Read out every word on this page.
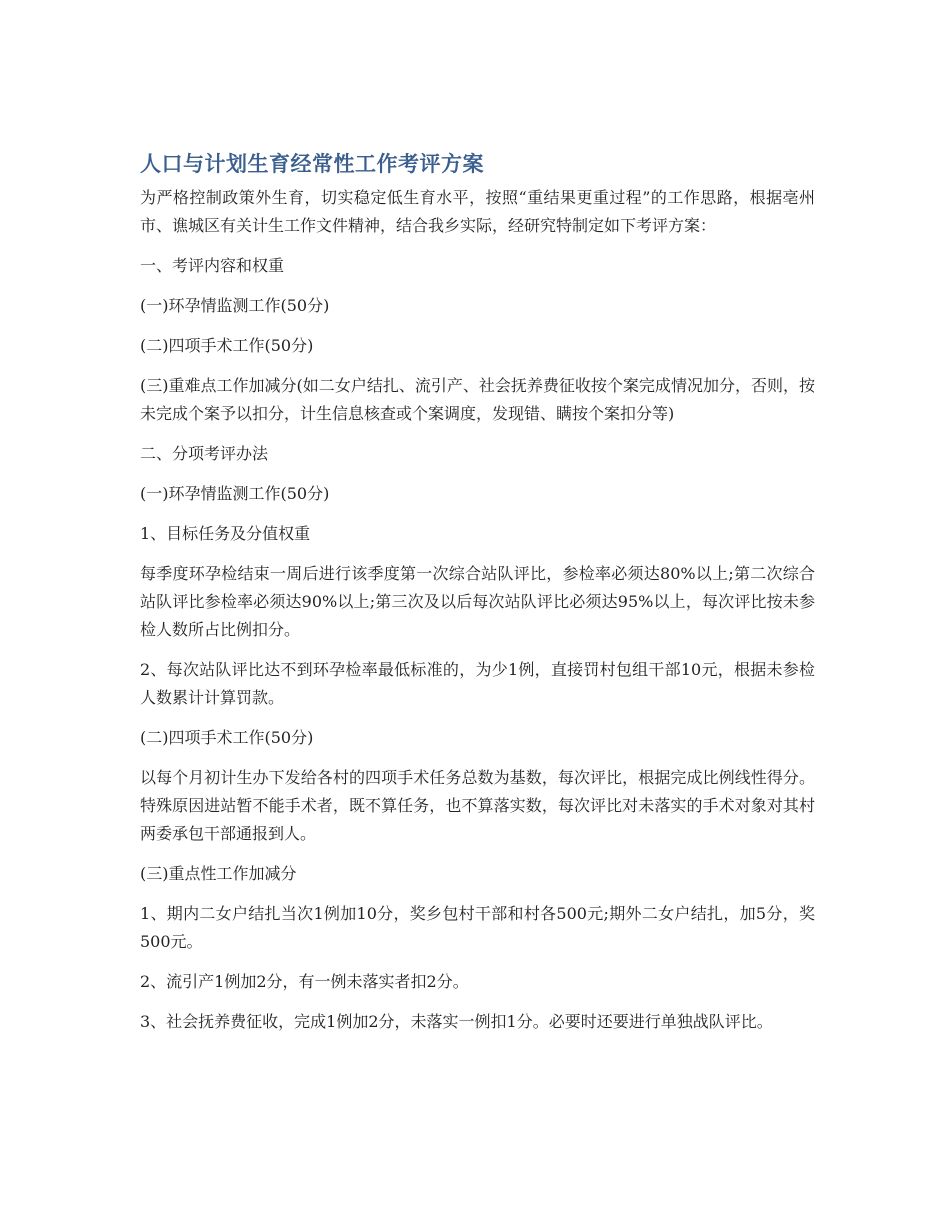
人口与计划生育经常性工作考评方案

为严格控制政策外生育，切实稳定低生育水平，按照“重结果更重过程”的工作思路，根据亳州市、谯城区有关计生工作文件精神，结合我乡实际，经研究特制定如下考评方案：

一、考评内容和权重

(一)环孕情监测工作(50分)

(二)四项手术工作(50分)

(三)重难点工作加减分(如二女户结扎、流引产、社会抚养费征收按个案完成情况加分，否则，按未完成个案予以扣分，计生信息核查或个案调度，发现错、瞒按个案扣分等)

二、分项考评办法

(一)环孕情监测工作(50分)

1、目标任务及分值权重

每季度环孕检结束一周后进行该季度第一次综合站队评比，参检率必须达80%以上;第二次综合站队评比参检率必须达90%以上;第三次及以后每次站队评比必须达95%以上，每次评比按未参检人数所占比例扣分。

2、每次站队评比达不到环孕检率最低标准的，为少1例，直接罚村包组干部10元，根据未参检人数累计计算罚款。

(二)四项手术工作(50分)

以每个月初计生办下发给各村的四项手术任务总数为基数，每次评比，根据完成比例线性得分。特殊原因进站暂不能手术者，既不算任务，也不算落实数，每次评比对未落实的手术对象对其村两委承包干部通报到人。

(三)重点性工作加减分

1、期内二女户结扎当次1例加10分，奖乡包村干部和村各500元;期外二女户结扎，加5分，奖500元。

2、流引产1例加2分，有一例未落实者扣2分。

3、社会抚养费征收，完成1例加2分，未落实一例扣1分。必要时还要进行单独战队评比。
